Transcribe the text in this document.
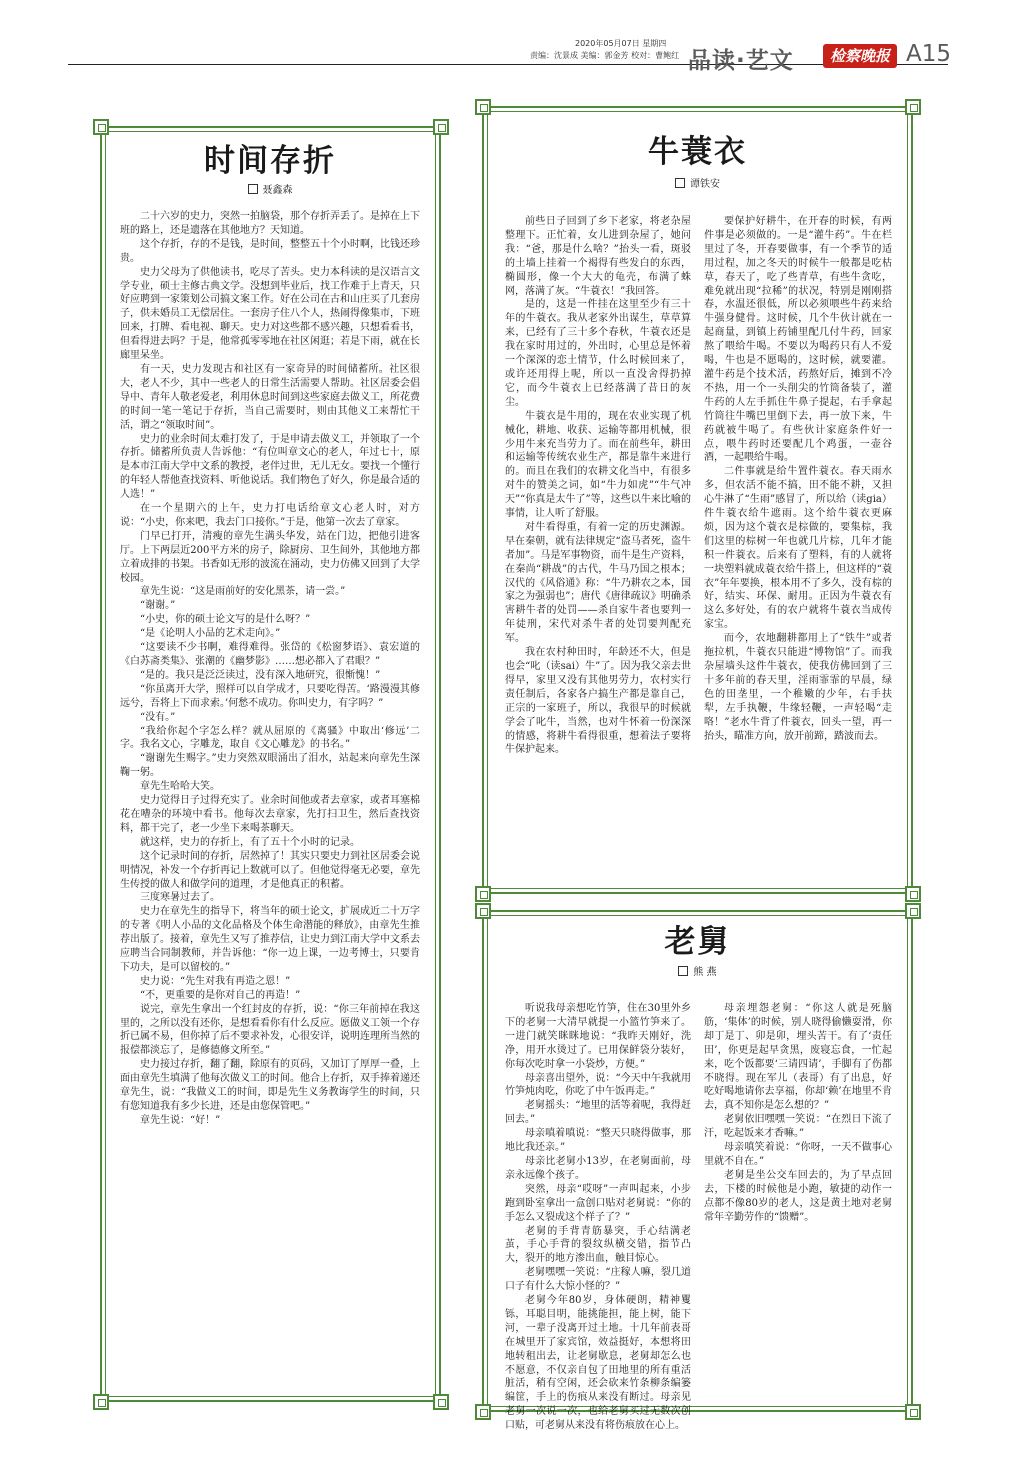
2020年05月07日 星期四
责编：沈景成 美编：郭金芳 校对：曹鲍红 品读·艺文	检察晚报 A15
时间存折
聂鑫森

二十六岁的史力，突然一拍脑袋，那个存折弄丢了。是掉在上下班的路上，还是遗落在其他地方？天知道。

这个存折，存的不是钱，是时间，整整五十个小时啊，比钱还珍贵。

史力父母为了供他读书，吃尽了苦头。史力本科读的是汉语言文学专业，硕士主修古典文学。没想到毕业后，找工作难于上青天，只好应聘到一家策划公司搞文案工作。好在公司在古和山庄买了几套房子，供未婚员工无偿居住。一套房子住八个人，热闹得像集市，下班回来，打牌、看电视、聊天。史力对这些都不感兴趣，只想看看书，但看得进去吗？于是，他常孤零零地在社区闲逛；若是下雨，就在长廊里呆坐。

有一天，史力发现古和社区有一家奇异的时间储蓄所。社区很大，老人不少，其中一些老人的日常生活需要人帮助。社区居委会倡导中、青年人敬老爱老，利用休息时间到这些家庭去做义工，所花费的时间一笔一笔记于存折，当自己需要时，则由其他义工来帮忙干活，谓之“领取时间”。

史力的业余时间太难打发了，于是申请去做义工，并领取了一个存折。储蓄所负责人告诉他：“有位叫章文心的老人，年过七十，原是本市江南大学中文系的教授，老伴过世，无儿无女。要找一个懂行的年轻人帮他查找资料、听他说话。我们物色了好久，你是最合适的人选！”

在一个星期六的上午，史力打电话给章文心老人时，对方说：“小史，你来吧，我去门口接你。”于是，他第一次去了章家。

门早已打开，清瘦的章先生满头华发，站在门边，把他引进客厅。上下两层近200平方米的房子，除厨房、卫生间外，其他地方都立着成排的书架。书香如无形的波流在涌动，史力仿佛又回到了大学校园。

章先生说：“这是雨前好的安化黑茶，请一尝。”

“谢谢。”

“小史，你的硕士论文写的是什么呀？”

“是《论明人小品的艺术走向》。”

“这要读不少书啊，难得难得。张岱的《松窗梦语》、袁宏道的《白苏斋类集》、张潮的《幽梦影》……想必都入了君眼？”

“是的。我只是泛泛读过，没有深入地研究，很惭愧！”

“你虽离开大学，照样可以自学成才，只要吃得苦。‘路漫漫其修远兮，吾将上下而求索。’何愁不成功。你叫史力，有字吗？”

“没有。”

“我给你起个字怎么样？就从屈原的《离骚》中取出‘修远’二字。我名文心，字雕龙，取自《文心雕龙》的书名。”

“谢谢先生赐字。”史力突然双眼涌出了泪水，站起来向章先生深鞠一躬。

章先生哈哈大笑。

史力觉得日子过得充实了。业余时间他或者去章家，或者耳塞棉花在嘈杂的环境中看书。他每次去章家，先打扫卫生，然后查找资料，都干完了，老一少坐下来喝茶聊天。

就这样，史力的存折上，有了五十个小时的记录。

这个记录时间的存折，居然掉了！其实只要史力到社区居委会说明情况，补发一个存折再记上数就可以了。但他觉得毫无必要，章先生传授的做人和做学问的道理，才是他真正的积蓄。

三度寒暑过去了。

史力在章先生的指导下，将当年的硕士论文，扩展成近二十万字的专著《明人小品的文化品格及个体生命潜能的释放》，由章先生推荐出版了。接着，章先生又写了推荐信，让史力到江南大学中文系去应聘当合同制教师，并告诉他：“你一边上课，一边考博士，只要肯下功夫，是可以留校的。”

史力说：“先生对我有再造之恩！”

“不，更重要的是你对自己的再造！”

说完，章先生拿出一个红封皮的存折，说：“你三年前掉在我这里的，之所以没有还你，是想看看你有什么反应。愿做义工领一个存折已属不易，但你掉了后不要求补发，心很安详，说明连理所当然的报偿都淡忘了，是修德修文所至。”

史力接过存折，翻了翻，除原有的页码，又加订了厚厚一叠，上面由章先生填满了他每次做义工的时间。他合上存折，双手捧着递还章先生，说：“我做义工的时间，即是先生义务教诲学生的时间，只有您知道我有多少长进，还是由您保管吧。”

章先生说：“好！”

牛蓑衣
谭铁安

前些日子回到了乡下老家，将老杂屋整理下。正忙着，女儿进到杂屋了，她问我：“爸，那是什么啥？”抬头一看，斑驳的土墙上挂着一个褐得有些发白的东西，椭圆形，像一个大大的龟壳，布满了蛛网，落满了灰。“牛蓑衣！”我回答。

是的，这是一件挂在这里至少有三十年的牛蓑衣。我从老家外出谋生，草草算来，已经有了三十多个春秋，牛蓑衣还是我在家时用过的，外出时，心里总是怀着一个深深的恋土情节，什么时候回来了，或许还用得上呢，所以一直没舍得扔掉它，而今牛蓑衣上已经落满了昔日的灰尘。

牛蓑衣是牛用的，现在农业实现了机械化，耕地、收获、运输等都用机械，很少用牛来充当劳力了。而在前些年，耕田和运输等传统农业生产，都是靠牛来进行的。而且在我们的农耕文化当中，有很多对牛的赞美之词，如“牛力如虎”“牛气冲天”“你真是太牛了”等，这些以牛来比喻的事情，让人听了舒服。

对牛看得重，有着一定的历史渊源。早在秦朝，就有法律规定“盗马者死，盗牛者加”。马是军事物资，而牛是生产资料，在秦尚“耕战”的古代，牛马乃国之根本；汉代的《风俗通》称：“牛乃耕农之本，国家之为强弱也”；唐代《唐律疏议》明确杀害耕牛者的处罚——杀自家牛者也要判一年徒刑，宋代对杀牛者的处罚要判配充军。

我在农村种田时，年龄还不大，但是也会“叱（读sai）牛”了。因为我父亲去世得早，家里又没有其他男劳力，农村实行责任制后，各家各户搞生产都是靠自己，正宗的一家班子，所以，我很早的时候就学会了叱牛，当然，也对牛怀着一份深深的情感，将耕牛看得很重，想着法子要将牛保护起来。

要保护好耕牛，在开春的时候，有两件事是必须做的。一是“灌牛药”。牛在栏里过了冬，开春要做事，有一个季节的适用过程，加之冬天的时候牛一般都是吃枯草，春天了，吃了些青草，有些牛贪吃，难免就出现“拉稀”的状况，特别是刚刚搭春，水温还很低，所以必须喂些牛药来给牛强身健骨。这时候，几个牛伙计就在一起商量，到镇上药铺里配几付牛药，回家熬了喂给牛喝。不要以为喝药只有人不爱喝，牛也是不愿喝的，这时候，就要灌。灌牛药是个技术活，药熬好后，摊到不冷不热，用一个一头削尖的竹筒备装了，灌牛药的人左手抓住牛鼻子提起，右手拿起竹筒往牛嘴巴里倒下去，再一放下来，牛药就被牛喝了。有些伙计家庭条件好一点，喂牛药时还要配几个鸡蛋，一壶谷酒，一起喂给牛喝。

二件事就是给牛置件蓑衣。春天雨水多，但农活不能不搞，田不能不耕，又担心牛淋了“生雨”感冒了，所以给（读gia）件牛蓑衣给牛遮雨。这个给牛蓑衣更麻烦，因为这个蓑衣是棕做的，要集棕，我们这里的棕树一年也就几片棕，几年才能积一件蓑衣。后来有了塑料，有的人就将一块塑料就成蓑衣给牛搭上，但这样的“蓑衣”年年要换，根本用不了多久，没有棕的好，结实、环保、耐用。正因为牛蓑衣有这么多好处，有的农户就将牛蓑衣当成传家宝。

而今，农地翻耕都用上了“铁牛”或者拖拉机，牛蓑衣只能进“博物馆”了。而我杂屋墙头这件牛蓑衣，使我仿佛回到了三十多年前的春天里，淫雨霏霏的早晨，绿色的田垄里，一个稚嫩的少年，右手扶犁，左手执鞭，牛缘轻鞭，一声轻喝“走咯！”老水牛背了件蓑衣，回头一望，再一抬头，瞄准方向，放开前蹄，踏波而去。

老舅
熊 燕

听说我母亲想吃竹笋，住在30里外乡下的老舅一大清早就提一小篮竹笋来了。一进门就笑眯眯地说：“我昨天刚好，洗净，用开水烫过了。已用保鲜袋分装好，你每次吃时拿一小袋炒，方便。”

母亲喜出望外，说：“今天中午我就用竹笋炖肉吃，你吃了中午饭再走。”

老舅摇头：“地里的活等着呢，我得赶回去。”

母亲嗔着嗔说：“整天只晓得做事，那地比我还亲。”

母亲比老舅小13岁，在老舅面前，母亲永远像个孩子。

突然，母亲“哎呀”一声叫起来，小步跑到卧室拿出一盒创口贴对老舅说：“你的手怎么又裂成这个样子了？”

老舅的手背青筋暴突，手心结满老茧，手心手背的裂纹纵横交错，指节凸大，裂开的地方渗出血，触目惊心。

老舅嘿嘿一笑说：“庄稼人嘛，裂几道口子有什么大惊小怪的？”

老舅今年80岁，身体硬朗，精神矍铄，耳聪目明，能挑能担，能上树，能下河，一辈子没离开过土地。十几年前表哥在城里开了家宾馆，效益挺好，本想将田地转租出去，让老舅歇息，老舅却怎么也不愿意，不仅亲自包了田地里的所有重活脏活，稍有空闲，还会砍来竹条柳条编篓编筐，手上的伤痕从来没有断过。母亲见老舅一次说一次，也给老舅买过无数次创口贴，可老舅从来没有将伤痕放在心上。

母亲埋怨老舅：“你这人就是死脑筋，‘集体’的时候，别人晓得偷懒耍滑，你却丁是丁、卯是卯，埋头苦干。有了‘责任田’，你更是起早贪黑，废寝忘食，一忙起来，吃个饭都要‘三请四请’，手脚有了伤都不晓得。现在军儿（表哥）有了出息，好吃好喝地请你去享福，你却‘赖’在地里不肯去，真不知你是怎么想的？”

老舅依旧嘿嘿一笑说：“在烈日下流了汗，吃起饭来才香嘛。”

母亲嗔笑着说：“你呀，一天不做事心里就不自在。”

老舅是坐公交车回去的，为了早点回去，下楼的时候他是小跑，敏捷的动作一点都不像80岁的老人，这是黄土地对老舅常年辛勤劳作的“馈赠”。
